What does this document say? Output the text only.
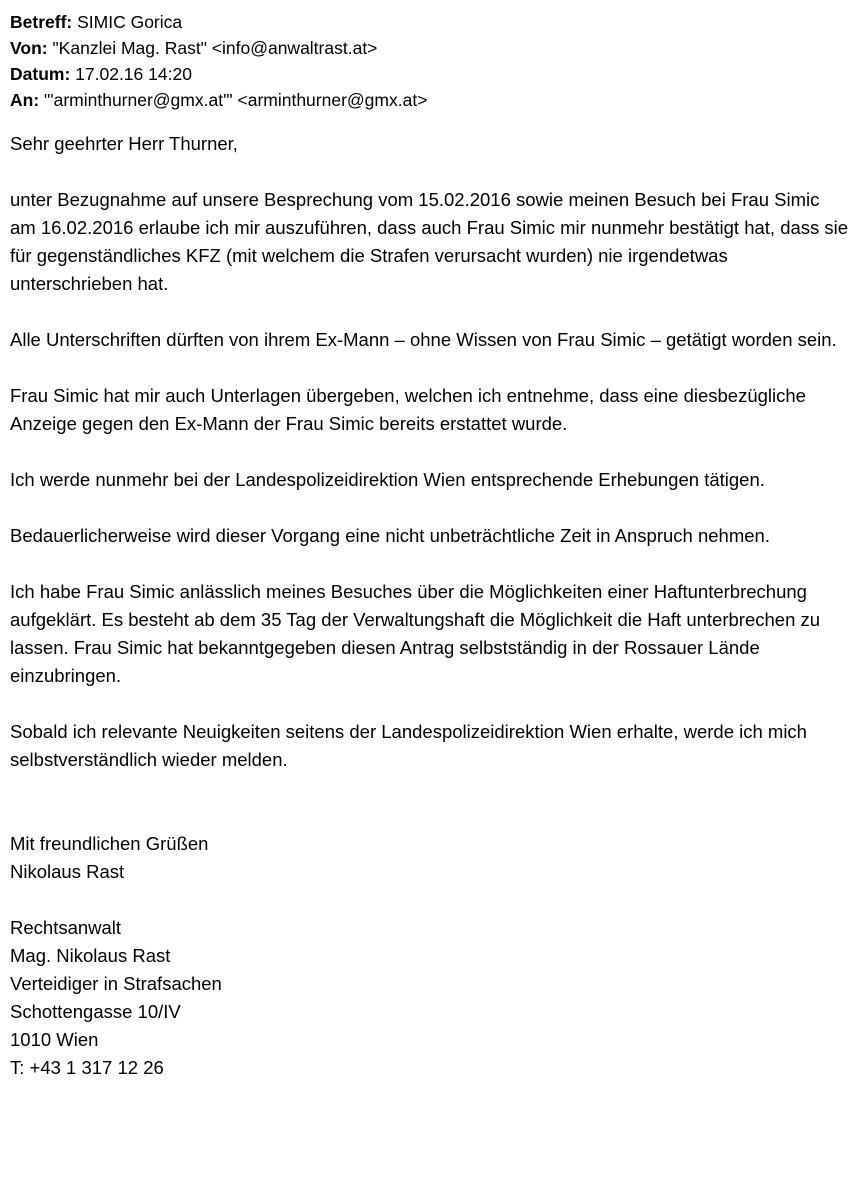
Betreff: SIMIC Gorica
Von: "Kanzlei Mag. Rast" <info@anwaltrast.at>
Datum: 17.02.16 14:20
An: "'arminthurner@gmx.at'" <arminthurner@gmx.at>
Sehr geehrter Herr Thurner,
unter Bezugnahme auf unsere Besprechung vom 15.02.2016 sowie meinen Besuch bei Frau Simic am 16.02.2016 erlaube ich mir auszuführen, dass auch Frau Simic mir nunmehr bestätigt hat, dass sie für gegenständliches KFZ (mit welchem die Strafen verursacht wurden) nie irgendetwas unterschrieben hat.
Alle Unterschriften dürften von ihrem Ex-Mann – ohne Wissen von Frau Simic – getätigt worden sein.
Frau Simic hat mir auch Unterlagen übergeben, welchen ich entnehme, dass eine diesbezügliche Anzeige gegen den Ex-Mann der Frau Simic bereits erstattet wurde.
Ich werde nunmehr bei der Landespolizeidirektion Wien entsprechende Erhebungen tätigen.
Bedauerlicherweise wird dieser Vorgang eine nicht unbeträchtliche Zeit in Anspruch nehmen.
Ich habe Frau Simic anlässlich meines Besuches über die Möglichkeiten einer Haftunterbrechung aufgeklärt. Es besteht ab dem 35 Tag der Verwaltungshaft die Möglichkeit die Haft unterbrechen zu lassen. Frau Simic hat bekanntgegeben diesen Antrag selbstständig in der Rossauer Lände einzubringen.
Sobald ich relevante Neuigkeiten seitens der Landespolizeidirektion Wien erhalte, werde ich mich selbstverständlich wieder melden.
Mit freundlichen Grüßen
Nikolaus Rast
Rechtsanwalt
Mag. Nikolaus Rast
Verteidiger in Strafsachen
Schottengasse 10/IV
1010 Wien
T: +43 1 317 12 26
